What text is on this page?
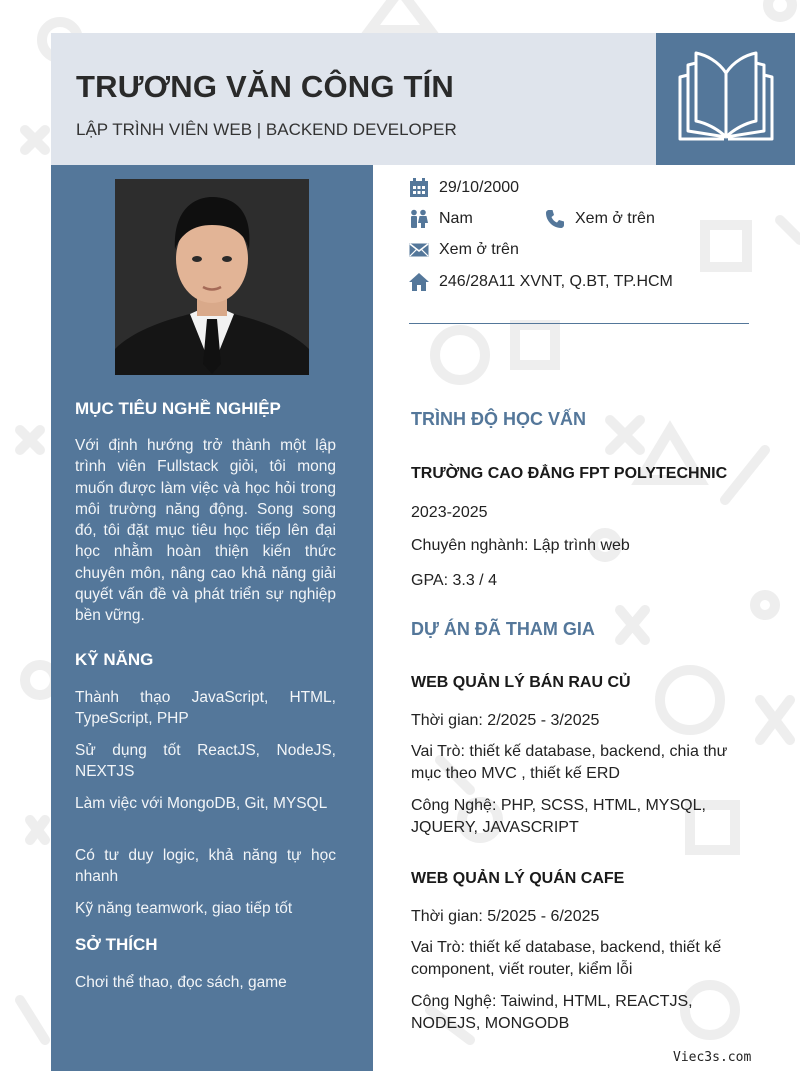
TRƯƠNG VĂN CÔNG TÍN
LẬP TRÌNH VIÊN WEB | BACKEND DEVELOPER
MỤC TIÊU NGHỀ NGHIỆP
Với định hướng trở thành một lập trình viên Fullstack giỏi, tôi mong muốn được làm việc và học hỏi trong môi trường năng động. Song song đó, tôi đặt mục tiêu học tiếp lên đại học nhằm hoàn thiện kiến thức chuyên môn, nâng cao khả năng giải quyết vấn đề và phát triển sự nghiệp bền vững.
KỸ NĂNG
Thành thạo JavaScript, HTML, TypeScript, PHP
Sử dụng tốt ReactJS, NodeJS, NEXTJS
Làm việc với MongoDB, Git, MYSQL
Có tư duy logic, khả năng tự học nhanh
Kỹ năng teamwork, giao tiếp tốt
SỞ THÍCH
Chơi thể thao, đọc sách, game
29/10/2000
Nam	Xem ở trên
Xem ở trên
246/28A11 XVNT, Q.BT, TP.HCM
TRÌNH ĐỘ HỌC VẤN
TRƯỜNG CAO ĐẲNG FPT POLYTECHNIC
2023-2025
Chuyên nghành: Lập trình web
GPA: 3.3 / 4
DỰ ÁN ĐÃ THAM GIA
WEB QUẢN LÝ BÁN RAU CỦ
Thời gian: 2/2025 - 3/2025
Vai Trò: thiết kế database, backend, chia thư mục theo MVC , thiết kế ERD
Công Nghệ: PHP, SCSS, HTML, MYSQL, JQUERY, JAVASCRIPT
WEB QUẢN LÝ QUÁN CAFE
Thời gian: 5/2025 - 6/2025
Vai Trò: thiết kế database, backend, thiết kế component, viết router, kiểm lỗi
Công Nghệ: Taiwind, HTML, REACTJS, NODEJS, MONGODB
Viec3s.com
